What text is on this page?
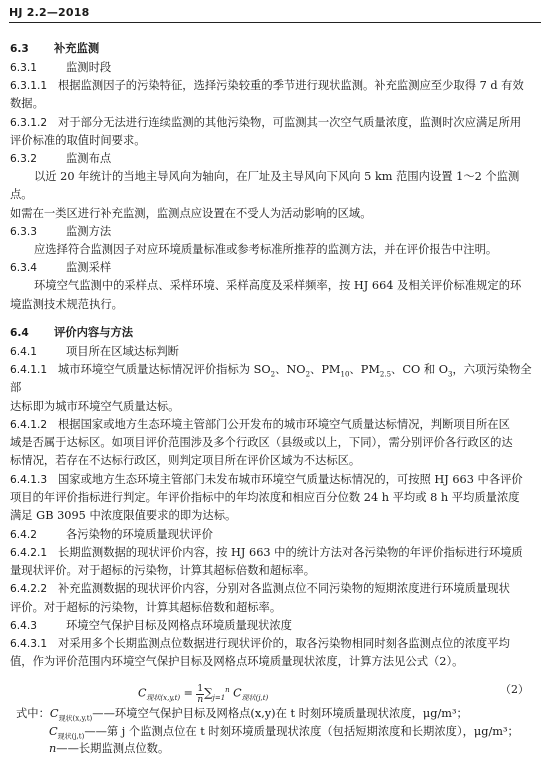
HJ 2.2—2018
6.3 补充监测
6.3.1	监测时段
6.3.1.1 根据监测因子的污染特征，选择污染较重的季节进行现状监测。补充监测应至少取得 7 d 有效
数据。
6.3.1.2 对于部分无法进行连续监测的其他污染物，可监测其一次空气质量浓度，监测时次应满足所用
评价标准的取值时间要求。
6.3.2	监测布点
以近 20 年统计的当地主导风向为轴向，在厂址及主导风向下风向 5 km 范围内设置 1～2 个监测点。
如需在一类区进行补充监测，监测点应设置在不受人为活动影响的区域。
6.3.3	监测方法
应选择符合监测因子对应环境质量标准或参考标准所推荐的监测方法，并在评价报告中注明。
6.3.4	监测采样
环境空气监测中的采样点、采样环境、采样高度及采样频率，按 HJ 664 及相关评价标准规定的环
境监测技术规范执行。
6.4 评价内容与方法
6.4.1	项目所在区域达标判断
6.4.1.1 城市环境空气质量达标情况评价指标为 $SO_2$、$NO_2$、$PM_{10}$、$PM_{2.5}$、CO 和 $O_3$，六项污染物全部
达标即为城市环境空气质量达标。
6.4.1.2 根据国家或地方生态环境主管部门公开发布的城市环境空气质量达标情况，判断项目所在区
域是否属于达标区。如项目评价范围涉及多个行政区（县级或以上，下同），需分别评价各行政区的达
标情况，若存在不达标行政区，则判定项目所在评价区域为不达标区。
6.4.1.3 国家或地方生态环境主管部门未发布城市环境空气质量达标情况的，可按照 HJ 663 中各评价
项目的年评价指标进行判定。年评价指标中的年均浓度和相应百分位数 24 h 平均或 8 h 平均质量浓度
满足 GB 3095 中浓度限值要求的即为达标。
6.4.2	各污染物的环境质量现状评价
6.4.2.1 长期监测数据的现状评价内容，按 HJ 663 中的统计方法对各污染物的年评价指标进行环境质
量现状评价。对于超标的污染物，计算其超标倍数和超标率。
6.4.2.2 补充监测数据的现状评价内容，分别对各监测点位不同污染物的短期浓度进行环境质量现状
评价。对于超标的污染物，计算其超标倍数和超标率。
6.4.3	环境空气保护目标及网格点环境质量现状浓度
6.4.3.1 对采用多个长期监测点位数据进行现状评价的，取各污染物相同时刻各监测点位的浓度平均
值，作为评价范围内环境空气保护目标及网格点环境质量现状浓度，计算方法见公式（2）。
$C_{现状(x,y,t)} = \frac{1}{n} \sum_{j=1}^n$ $C_{现状(j,t)}$
（2）
式中：$C_{现状(x,y,t)}——$环境空气保护目标及网格点(x,y)在 t 时刻环境质量现状浓度，μg/m³；
$C_{现状(j,t)}——$第 j 个监测点位在 t 时刻环境质量现状浓度（包括短期浓度和长期浓度），μg/m³；
n——长期监测点位数。
